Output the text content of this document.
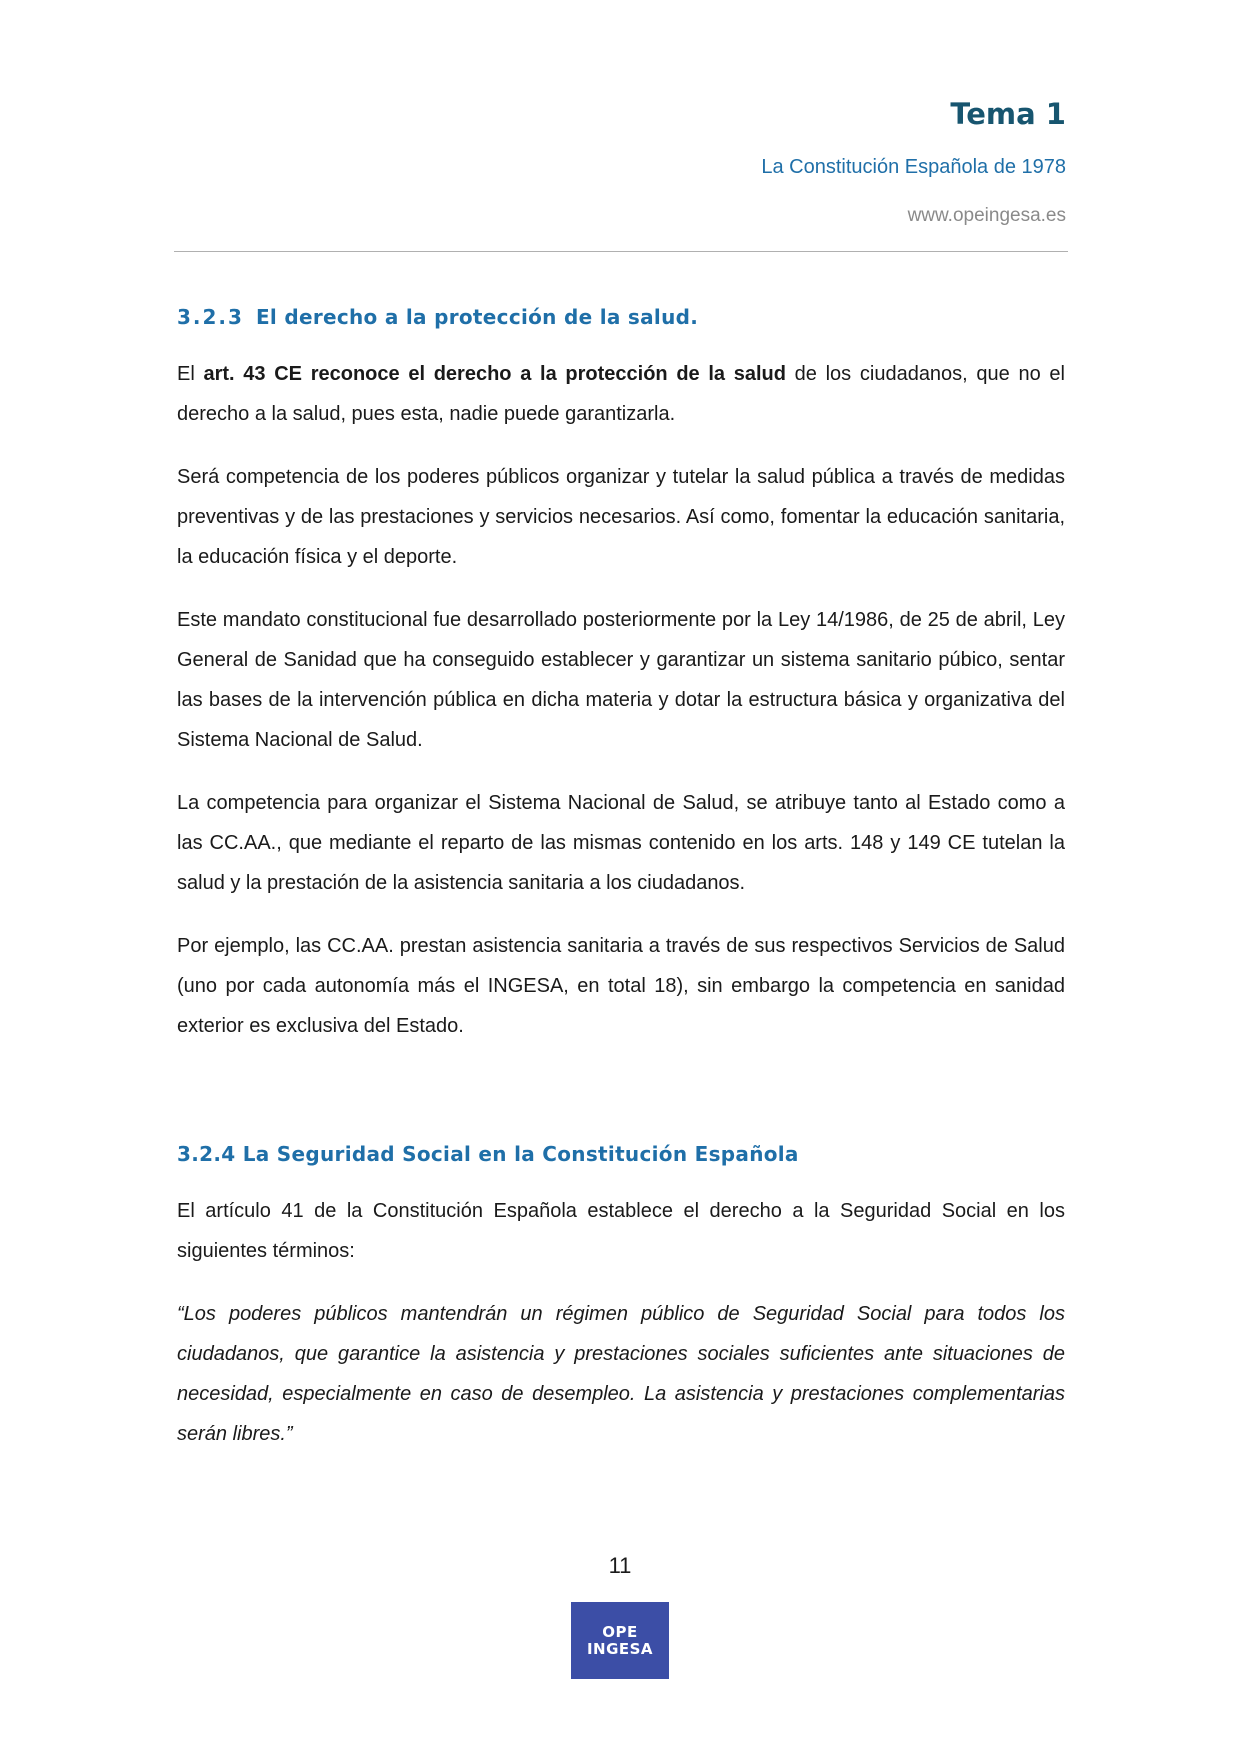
Tema 1
La Constitución Española de 1978
www.opeingesa.es
3.2.3 El derecho a la protección de la salud.

El art. 43 CE reconoce el derecho a la protección de la salud de los ciudadanos, que no el derecho a la salud, pues esta, nadie puede garantizarla.

Será competencia de los poderes públicos organizar y tutelar la salud pública a través de medidas preventivas y de las prestaciones y servicios necesarios. Así como, fomentar la educación sanitaria, la educación física y el deporte.

Este mandato constitucional fue desarrollado posteriormente por la Ley 14/1986, de 25 de abril, Ley General de Sanidad que ha conseguido establecer y garantizar un sistema sanitario púbico, sentar las bases de la intervención pública en dicha materia y dotar la estructura básica y organizativa del Sistema Nacional de Salud.

La competencia para organizar el Sistema Nacional de Salud, se atribuye tanto al Estado como a las CC.AA., que mediante el reparto de las mismas contenido en los arts. 148 y 149 CE tutelan la salud y la prestación de la asistencia sanitaria a los ciudadanos.

Por ejemplo, las CC.AA. prestan asistencia sanitaria a través de sus respectivos Servicios de Salud (uno por cada autonomía más el INGESA, en total 18), sin embargo la competencia en sanidad exterior es exclusiva del Estado.

3.2.4 La Seguridad Social en la Constitución Española

El artículo 41 de la Constitución Española establece el derecho a la Seguridad Social en los siguientes términos:

“Los poderes públicos mantendrán un régimen público de Seguridad Social para todos los ciudadanos, que garantice la asistencia y prestaciones sociales suficientes ante situaciones de necesidad, especialmente en caso de desempleo. La asistencia y prestaciones complementarias serán libres.”

11
OPE
INGESA
